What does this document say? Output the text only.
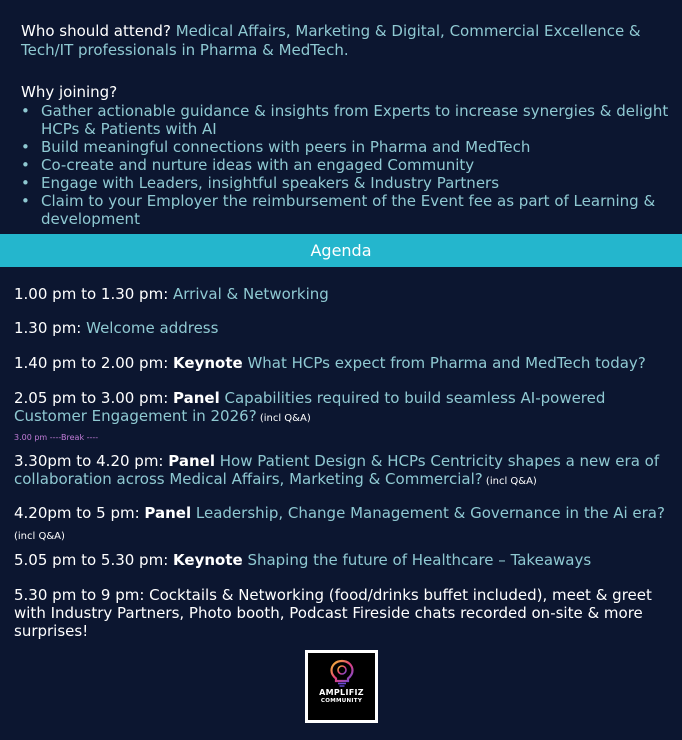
Who should attend? Medical Affairs, Marketing & Digital, Commercial Excellence & Tech/IT professionals in Pharma & MedTech.
Why joining?
• Gather actionable guidance & insights from Experts to increase synergies & delight HCPs & Patients with AI
• Build meaningful connections with peers in Pharma and MedTech
• Co-create and nurture ideas with an engaged Community
• Engage with Leaders, insightful speakers & Industry Partners
• Claim to your Employer the reimbursement of the Event fee as part of Learning & development
Agenda
1.00 pm to 1.30 pm: Arrival & Networking
1.30 pm: Welcome address
1.40 pm to 2.00 pm: Keynote What HCPs expect from Pharma and MedTech today?
2.05 pm to 3.00 pm: Panel Capabilities required to build seamless AI-powered Customer Engagement in 2026? (incl Q&A)
3.00 pm ----Break ----
3.30pm to 4.20 pm: Panel How Patient Design & HCPs Centricity shapes a new era of collaboration across Medical Affairs, Marketing & Commercial? (incl Q&A)
4.20pm to 5 pm: Panel Leadership, Change Management & Governance in the Ai era? (incl Q&A)
5.05 pm to 5.30 pm: Keynote Shaping the future of Healthcare – Takeaways
5.30 pm to 9 pm: Cocktails & Networking (food/drinks buffet included), meet & greet with Industry Partners, Photo booth, Podcast Fireside chats recorded on-site & more surprises!
AMPLIFIZ
COMMUNITY
